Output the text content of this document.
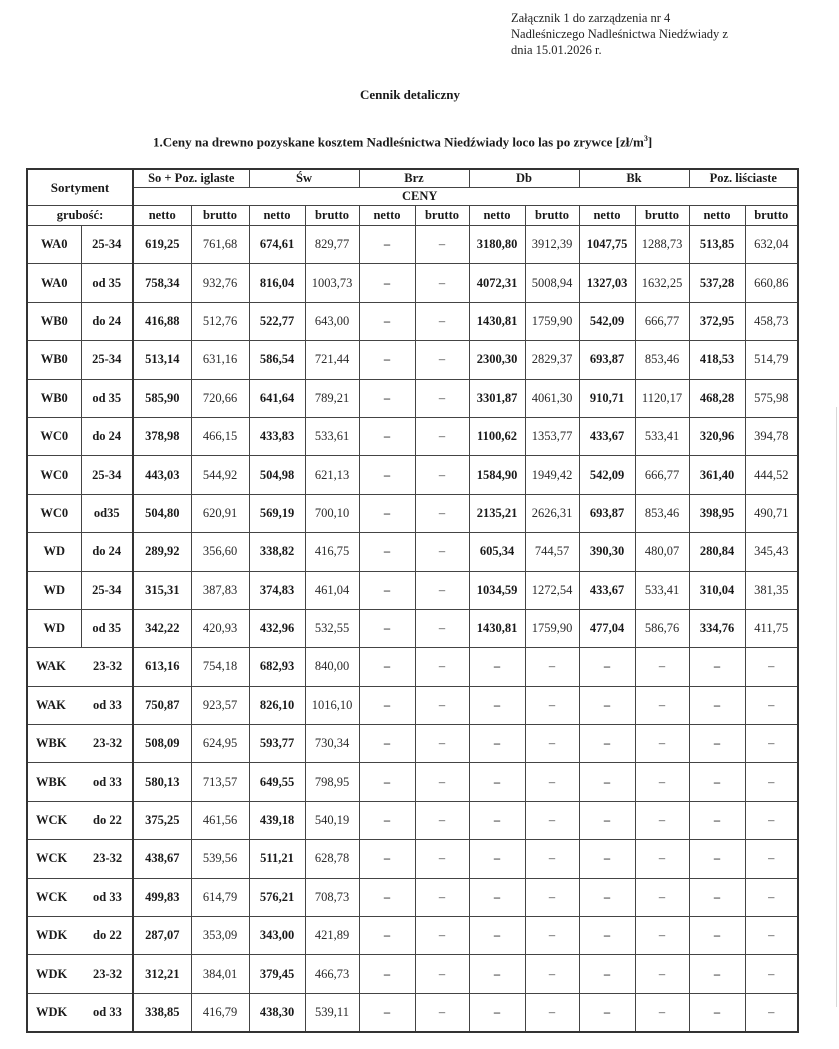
Załącznik 1 do zarządzenia nr 4
Nadleśniczego Nadleśnictwa Niedźwiady z
dnia 15.01.2026 r.
Cennik detaliczny
1.Ceny na drewno pozyskane kosztem Nadleśnictwa Niedźwiady loco las po zrywce $[zł/m^3]$
Sortyment		So + Poz. iglaste		Św		Brz		Db		Bk		Poz. liściaste	
		CENY											
grubość:		netto	brutto	netto	brutto	netto	brutto	netto	brutto	netto	brutto	netto	brutto
WA0	25-34	619,25	761,68	674,61	829,77	–	–	3180,80	3912,39	1047,75	1288,73	513,85	632,04
WA0	od 35	758,34	932,76	816,04	1003,73	–	–	4072,31	5008,94	1327,03	1632,25	537,28	660,86
WB0	do 24	416,88	512,76	522,77	643,00	–	–	1430,81	1759,90	542,09	666,77	372,95	458,73
WB0	25-34	513,14	631,16	586,54	721,44	–	–	2300,30	2829,37	693,87	853,46	418,53	514,79
WB0	od 35	585,90	720,66	641,64	789,21	–	–	3301,87	4061,30	910,71	1120,17	468,28	575,98
WC0	do 24	378,98	466,15	433,83	533,61	–	–	1100,62	1353,77	433,67	533,41	320,96	394,78
WC0	25-34	443,03	544,92	504,98	621,13	–	–	1584,90	1949,42	542,09	666,77	361,40	444,52
WC0	od35	504,80	620,91	569,19	700,10	–	–	2135,21	2626,31	693,87	853,46	398,95	490,71
WD	do 24	289,92	356,60	338,82	416,75	–	–	605,34	744,57	390,30	480,07	280,84	345,43
WD	25-34	315,31	387,83	374,83	461,04	–	–	1034,59	1272,54	433,67	533,41	310,04	381,35
WD	od 35	342,22	420,93	432,96	532,55	–	–	1430,81	1759,90	477,04	586,76	334,76	411,75
WAK	23-32	613,16	754,18	682,93	840,00	–	–	–	–	–	–	–	–
WAK	od 33	750,87	923,57	826,10	1016,10	–	–	–	–	–	–	–	–
WBK	23-32	508,09	624,95	593,77	730,34	–	–	–	–	–	–	–	–
WBK	od 33	580,13	713,57	649,55	798,95	–	–	–	–	–	–	–	–
WCK	do 22	375,25	461,56	439,18	540,19	–	–	–	–	–	–	–	–
WCK	23-32	438,67	539,56	511,21	628,78	–	–	–	–	–	–	–	–
WCK	od 33	499,83	614,79	576,21	708,73	–	–	–	–	–	–	–	–
WDK	do 22	287,07	353,09	343,00	421,89	–	–	–	–	–	–	–	–
WDK	23-32	312,21	384,01	379,45	466,73	–	–	–	–	–	–	–	–
WDK	od 33	338,85	416,79	438,30	539,11	–	–	–	–	–	–	–	–
